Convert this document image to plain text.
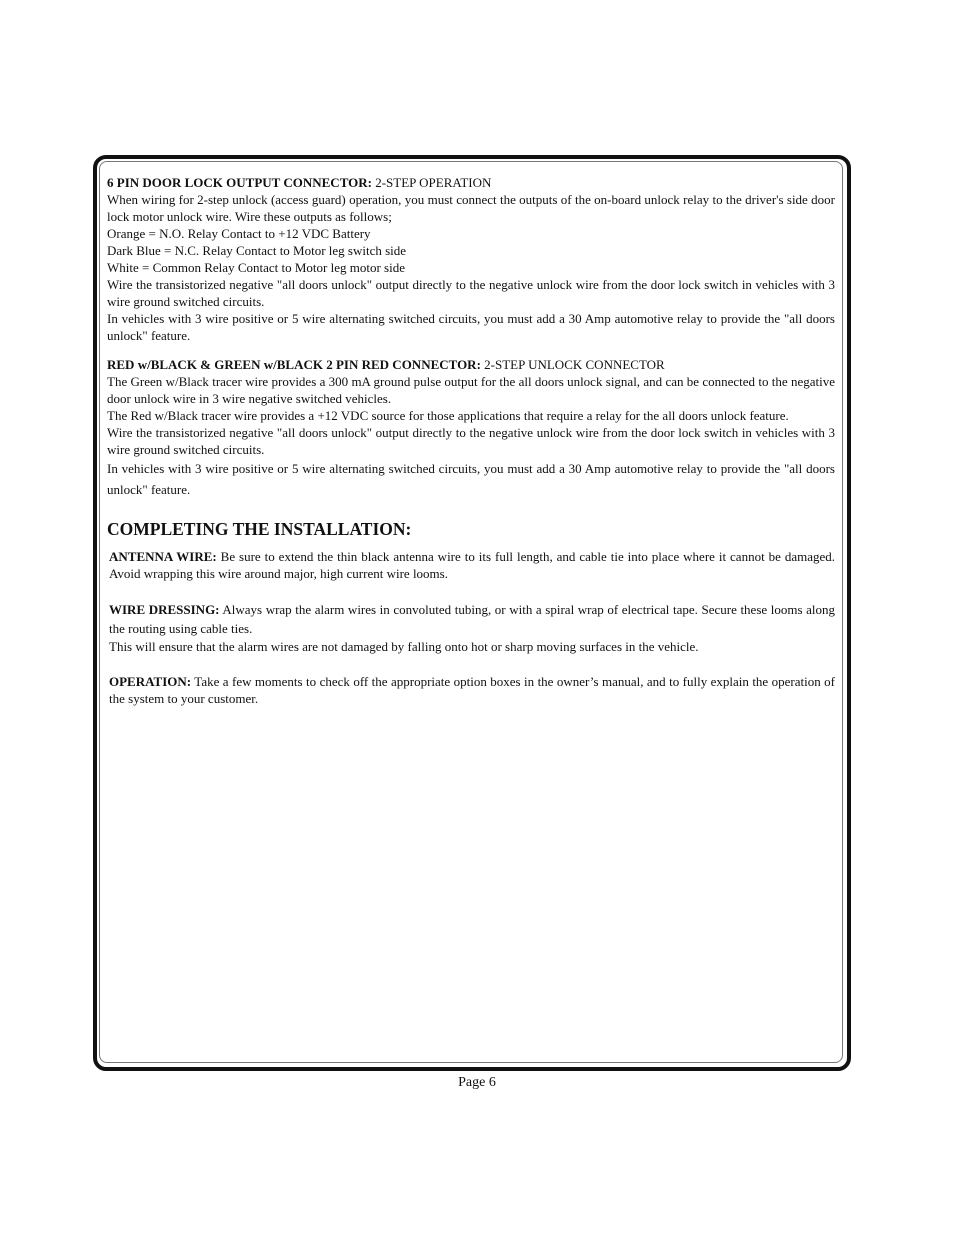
6 PIN DOOR LOCK OUTPUT CONNECTOR: 2-STEP OPERATION

When wiring for 2-step unlock (access guard) operation, you must connect the outputs of the on-board unlock relay to the driver's side door lock motor unlock wire. Wire these outputs as follows;

Orange = N.O. Relay Contact to +12 VDC Battery

Dark Blue = N.C. Relay Contact to Motor leg switch side

White = Common Relay Contact to Motor leg motor side

Wire the transistorized negative "all doors unlock" output directly to the negative unlock wire from the door lock switch in vehicles with 3 wire ground switched circuits.

In vehicles with 3 wire positive or 5 wire alternating switched circuits, you must add a 30 Amp automotive relay to provide the "all doors unlock" feature.

RED w/BLACK & GREEN w/BLACK 2 PIN RED CONNECTOR: 2-STEP UNLOCK CONNECTOR

The Green w/Black tracer wire provides a 300 mA ground pulse output for the all doors unlock signal, and can be connected to the negative door unlock wire in 3 wire negative switched vehicles.

The Red w/Black tracer wire provides a +12 VDC source for those applications that require a relay for the all doors unlock feature.

Wire the transistorized negative "all doors unlock" output directly to the negative unlock wire from the door lock switch in vehicles with 3 wire ground switched circuits.

In vehicles with 3 wire positive or 5 wire alternating switched circuits, you must add a 30 Amp automotive relay to provide the "all doors unlock" feature.

COMPLETING THE INSTALLATION:

ANTENNA WIRE: Be sure to extend the thin black antenna wire to its full length, and cable tie into place where it cannot be damaged. Avoid wrapping this wire around major, high current wire looms.

WIRE DRESSING: Always wrap the alarm wires in convoluted tubing, or with a spiral wrap of electrical tape. Secure these looms along the routing using cable ties.

This will ensure that the alarm wires are not damaged by falling onto hot or sharp moving surfaces in the vehicle.

OPERATION: Take a few moments to check off the appropriate option boxes in the owner’s manual, and to fully explain the operation of the system to your customer.

Page 6
